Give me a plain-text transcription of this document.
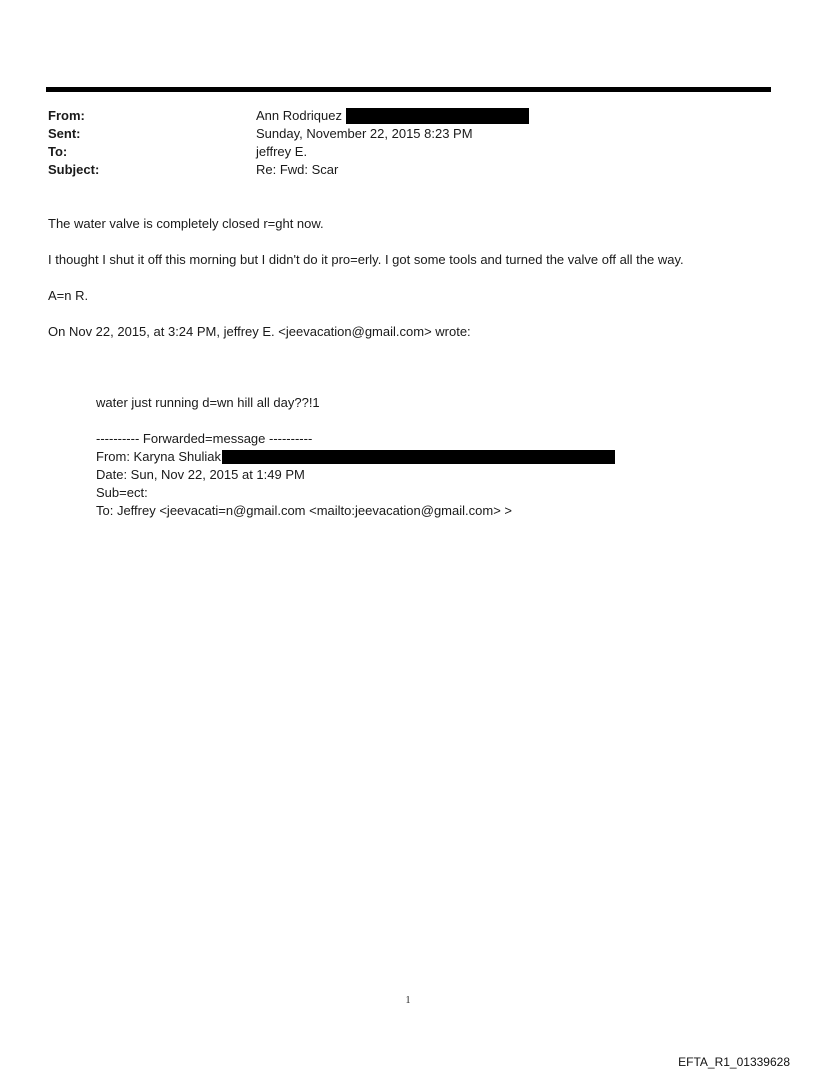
From:	Ann Rodriquez
Sent:	Sunday, November 22, 2015 8:23 PM
To:	jeffrey E.
Subject:	Re: Fwd: Scar
The water valve is completely closed r=ght now.
I thought I shut it off this morning but I didn't do it pro=erly. I got some tools and turned the valve off all the way.
A=n R.
On Nov 22, 2015, at 3:24 PM, jeffrey E. <jeevacation@gmail.com> wrote:
water just running d=wn hill all day??!1
---------- Forwarded=message ----------
From: Karyna Shuliak
Date: Sun, Nov 22, 2015 at 1:49 PM
Sub=ect:
To: Jeffrey <jeevacati=n@gmail.com <mailto:jeevacation@gmail.com> >
1
EFTA_R1_01339628
